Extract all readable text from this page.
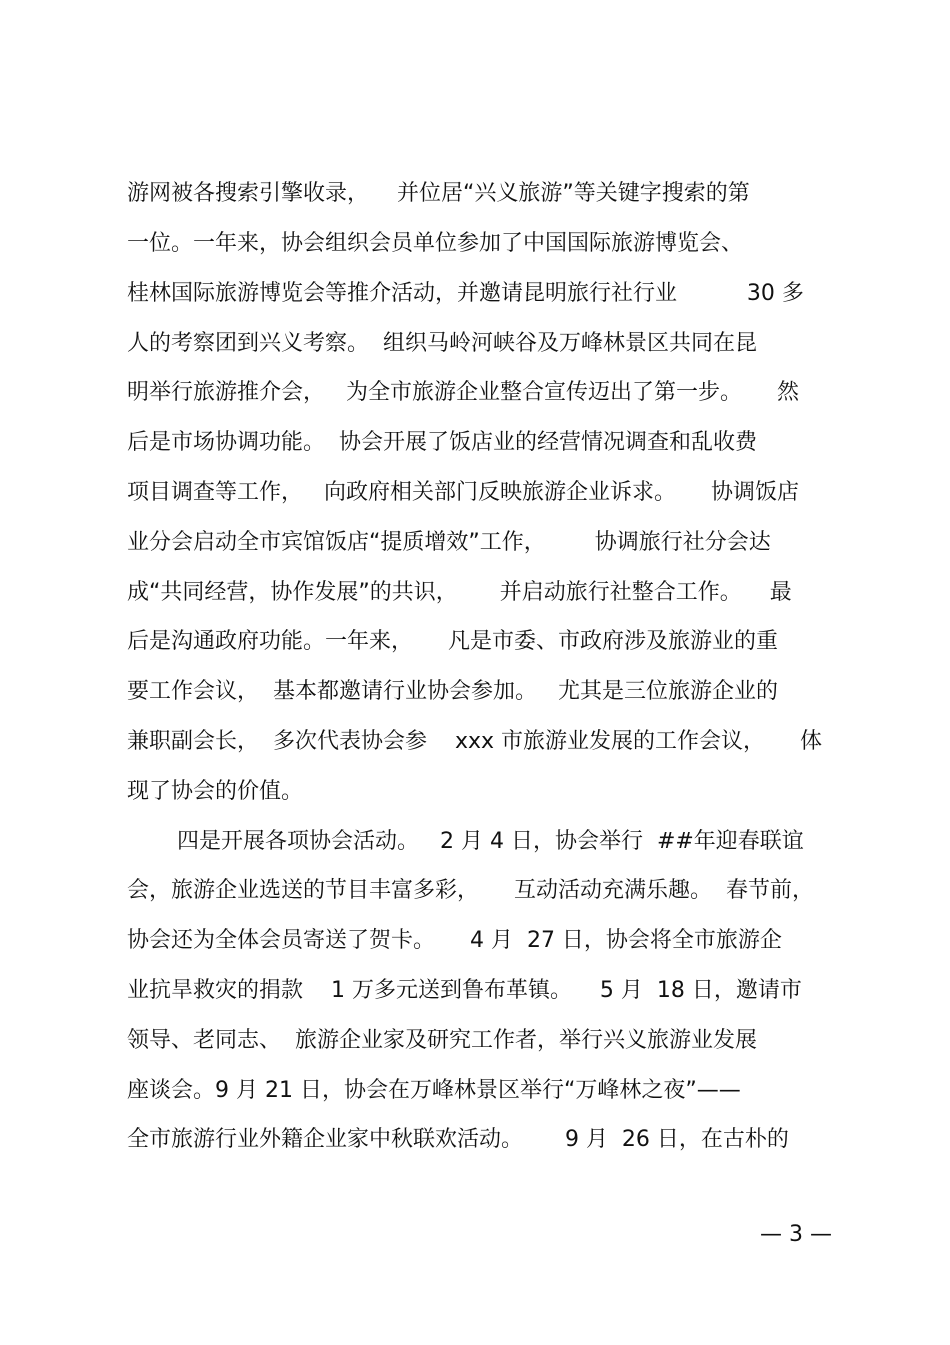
游网被各搜索引擎收录，    并位居“兴义旅游”等关键字搜索的第
一位。一年来，协会组织会员单位参加了中国国际旅游博览会、
桂林国际旅游博览会等推介活动，并邀请昆明旅行社行业          30 多
人的考察团到兴义考察。  组织马岭河峡谷及万峰林景区共同在昆
明举行旅游推介会，   为全市旅游企业整合宣传迈出了第一步。     然
后是市场协调功能。  协会开展了饭店业的经营情况调查和乱收费
项目调查等工作，   向政府相关部门反映旅游企业诉求。     协调饭店
业分会启动全市宾馆饭店“提质增效”工作，       协调旅行社分会达
成“共同经营，协作发展”的共识，      并启动旅行社整合工作。    最
后是沟通政府功能。一年来，     凡是市委、市政府涉及旅游业的重
要工作会议，  基本都邀请行业协会参加。   尤其是三位旅游企业的
兼职副会长，  多次代表协会参    xxx 市旅游业发展的工作会议，     体
现了协会的价值。
四是开展各项协会活动。   2 月 4 日，协会举行  ##年迎春联谊
会，旅游企业选送的节目丰富多彩，     互动活动充满乐趣。  春节前，
协会还为全体会员寄送了贺卡。     4 月  27 日，协会将全市旅游企
业抗旱救灾的捐款    1 万多元送到鲁布革镇。    5 月  18 日，邀请市
领导、老同志、  旅游企业家及研究工作者，举行兴义旅游业发展
座谈会。9 月 21 日，协会在万峰林景区举行“万峰林之夜”——
全市旅游行业外籍企业家中秋联欢活动。      9 月  26 日，在古朴的
— 3 —
